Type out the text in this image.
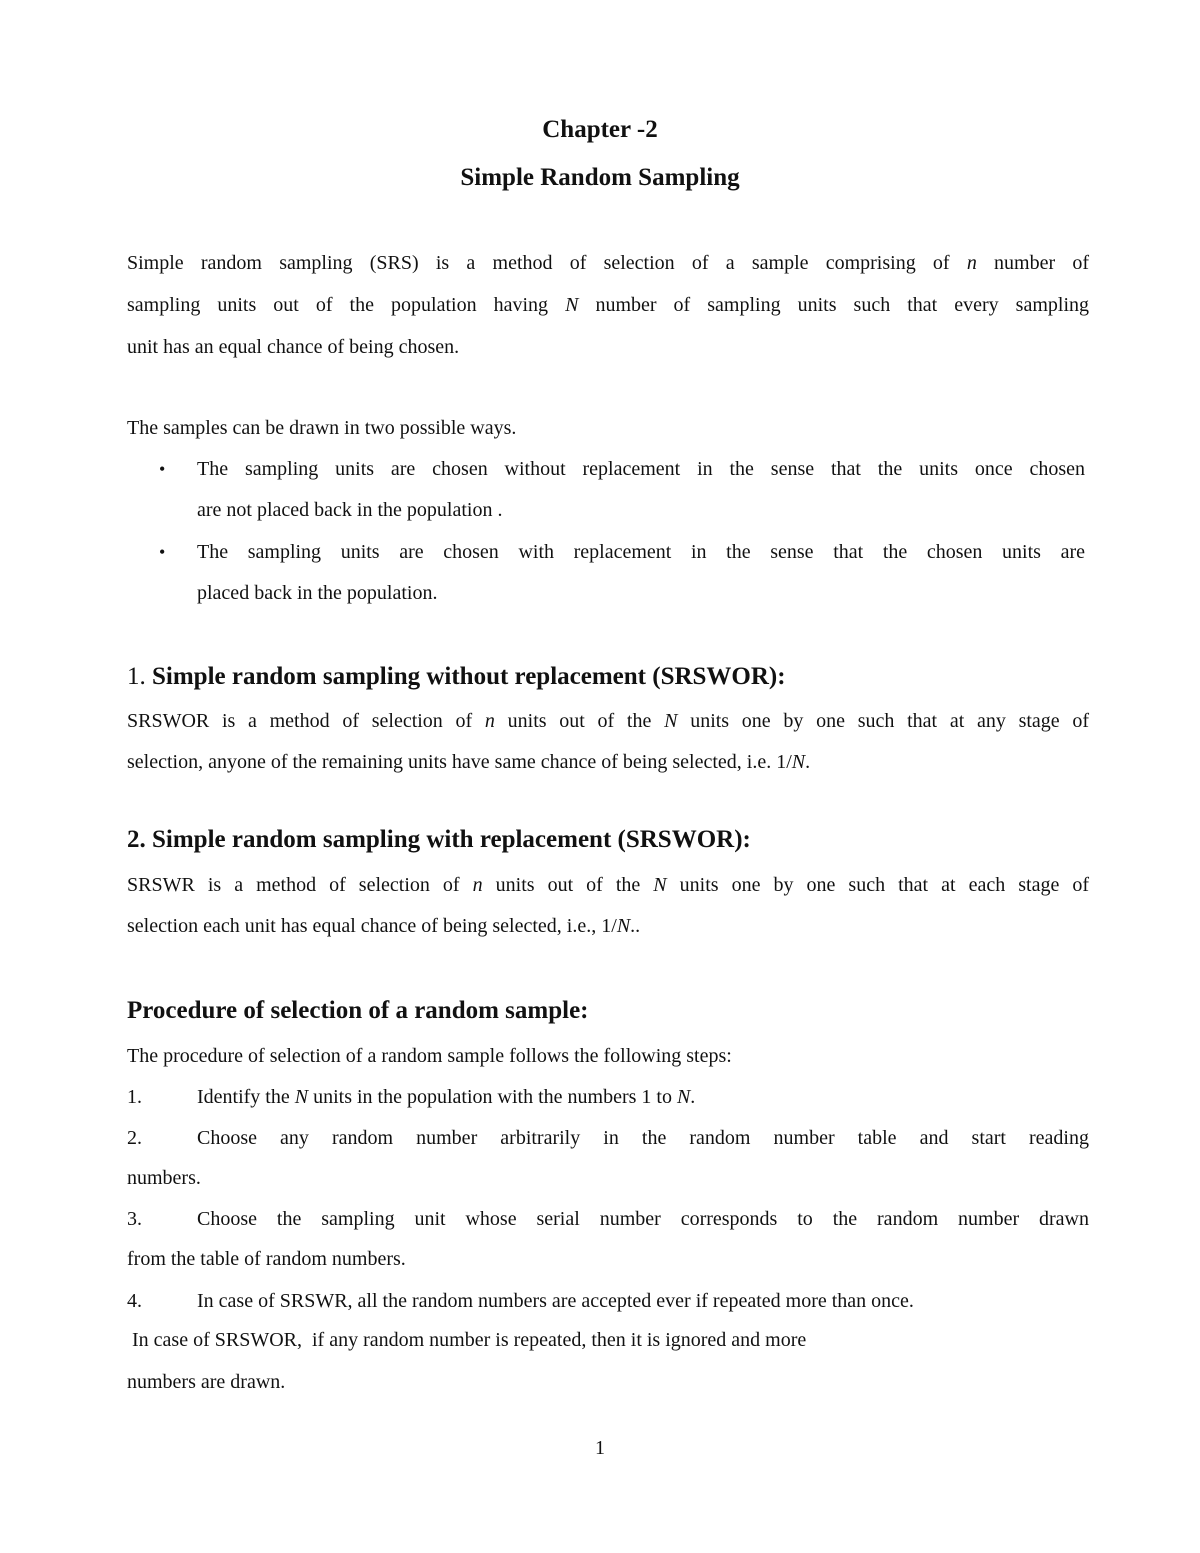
Chapter -2
Simple Random Sampling
Simple random sampling (SRS) is a method of selection of a sample comprising of n number of
sampling units out of the population having N number of sampling units such that every sampling
unit has an equal chance of being chosen.
The samples can be drawn in two possible ways.
• The sampling units are chosen without replacement in the sense that the units once chosen
are not placed back in the population .
• The sampling units are chosen with replacement in the sense that the chosen units are
placed back in the population.
1. Simple random sampling without replacement (SRSWOR):
SRSWOR is a method of selection of n units out of the N units one by one such that at any stage of
selection, anyone of the remaining units have same chance of being selected, i.e. 1/N.
2. Simple random sampling with replacement (SRSWOR):
SRSWR is a method of selection of n units out of the N units one by one such that at each stage of
selection each unit has equal chance of being selected, i.e., 1/N..
Procedure of selection of a random sample:
The procedure of selection of a random sample follows the following steps:
1.	Identify the N units in the population with the numbers 1 to N.
2.	Choose any random number arbitrarily in the random number table and start reading
numbers.
3.	Choose the sampling unit whose serial number corresponds to the random number drawn
from the table of random numbers.
4.	In case of SRSWR, all the random numbers are accepted ever if repeated more than once.
In case of SRSWOR,  if any random number is repeated, then it is ignored and more
numbers are drawn.
1
